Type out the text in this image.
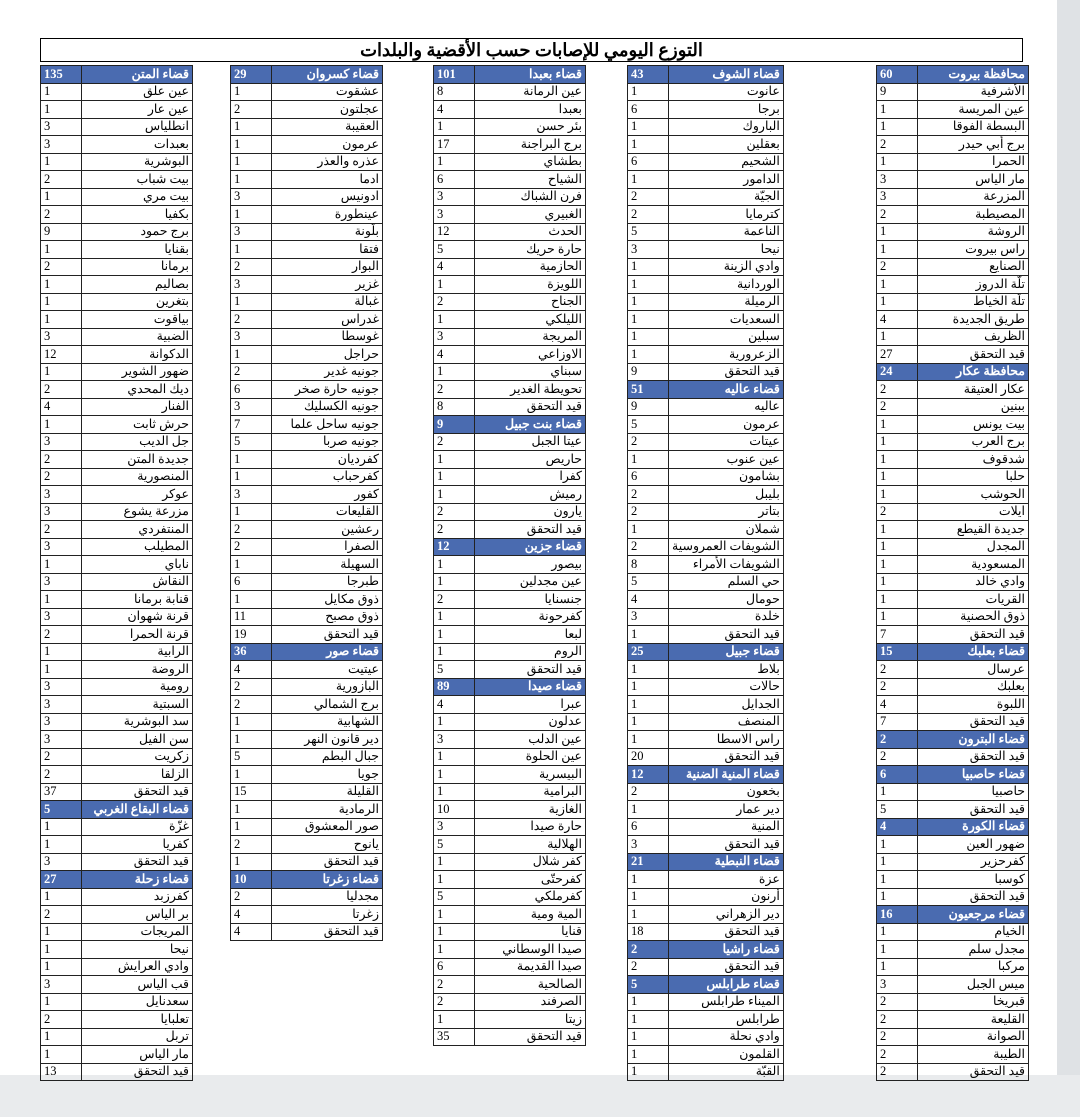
التوزع اليومي للإصابات حسب الأقضية والبلدات
60	محافظة بيروت
9	الأشرفية
1	عين المريسة
1	البسطة الفوقا
2	برج أبي حيدر
1	الحمرا
3	مار الياس
3	المزرعة
2	المصيطبة
1	الروشة
1	راس بيروت
2	الصنايع
1	تلّة الدروز
1	تلّة الخياط
4	طريق الجديدة
1	الظريف
27	قيد التحقق
24	محافظة عكار
2	عكار العتيقة
2	ببنين
1	بيت يونس
1	برج العرب
1	شدقوف
1	حلبا
1	الحوشب
2	ايلات
1	جديدة القيطع
1	المجدل
1	المسعودية
1	وادي خالد
1	القريات
1	ذوق الحصنية
7	قيد التحقق
15	قضاء بعلبك
2	عرسال
2	بعلبك
4	اللبوة
7	قيد التحقق
2	قضاء البترون
2	قيد التحقق
6	قضاء حاصبيا
1	حاصبيا
5	قيد التحقق
4	قضاء الكورة
1	ضهور العين
1	كفرحزير
1	كوسبا
1	قيد التحقق
16	قضاء مرجعيون
1	الخيام
1	مجدل سلم
1	مركبا
3	ميس الجبل
2	قبريخا
2	القليعة
2	الصوانة
2	الطيبة
2	قيد التحقق
43	قضاء الشوف
1	عانوت
6	برجا
1	الباروك
1	بعقلين
6	الشحيم
1	الدامور
2	الجيّة
2	كترمايا
5	الناعمة
3	نيحا
1	وادي الزينة
1	الوردانية
1	الرميلة
1	السعديات
1	سبلين
1	الزعرورية
9	قيد التحقق
51	قضاء عاليه
9	عاليه
5	عرمون
2	عيتات
1	عين عنوب
6	بشامون
2	بليبل
2	بتاتر
1	شملان
2	الشويفات العمروسية
8	الشويفات الأمراء
5	حي السلم
4	حومال
3	خلدة
1	قيد التحقق
25	قضاء جبيل
1	بلاط
1	حالات
1	الجدايل
1	المنصف
1	راس الاسطا
20	قيد التحقق
12	قضاء المنية الضنية
2	بخعون
1	دير عمار
6	المنية
3	قيد التحقق
21	قضاء النبطية
1	عزة
1	أرنون
1	دير الزهراني
18	قيد التحقق
2	قضاء راشيا
2	قيد التحقق
5	قضاء طرابلس
1	الميناء طرابلس
1	طرابلس
1	وادي نحلة
1	القلمون
1	القبّة
101	قضاء بعبدا
8	عين الرمانة
4	بعبدا
1	بئر حسن
17	برج البراجنة
1	بطشاي
6	الشياح
3	فرن الشباك
3	الغبيري
12	الحدث
5	حارة حريك
4	الحازمية
1	اللويزة
2	الجناح
1	الليلكي
3	المريجة
4	الاوزاعي
1	سبناي
2	تحويطة الغدير
8	قيد التحقق
9	قضاء بنت جبيل
2	عيتا الجبل
1	حاريص
1	كفرا
1	رميش
2	يارون
2	قيد التحقق
12	قضاء جزين
1	بيصور
1	عين مجدلين
2	جنسنايا
1	كفرحونة
1	لبعا
1	الروم
5	قيد التحقق
89	قضاء صيدا
4	عبرا
1	عدلون
3	عين الدلب
1	عين الحلوة
1	البيسرية
1	البرامية
10	الغازية
3	حارة صيدا
5	الهلالية
1	كفر شلال
1	كفرحتّى
5	كفرملكي
1	المية ومية
1	قنايا
1	صيدا الوسطاني
6	صيدا القديمة
2	الصالحية
2	الصرفند
1	زيتا
35	قيد التحقق
29	قضاء كسروان
1	عشقوت
2	عجلتون
1	العقيبة
1	عرمون
1	عذره والعذر
1	ادما
3	ادونيس
1	عينطورة
3	بلّونة
1	فتقا
2	البوار
3	غزير
1	غبالة
2	غدراس
3	غوسطا
1	حراجل
2	جونيه غدير
6	جونيه حارة صخر
3	جونيه الكسليك
7	جونيه ساحل علما
5	جونيه صربا
1	كفرديان
1	كفرحباب
3	كفور
1	القليعات
2	رعشين
2	الصفرا
1	السهيلة
6	طبرجا
1	ذوق مكايل
11	ذوق مصبح
19	قيد التحقق
36	قضاء صور
4	عيتيت
2	البازورية
2	برج الشمالي
1	الشهابية
1	دير قانون النهر
5	جبال البطم
1	جويا
15	القليلة
1	الرمادية
1	صور المعشوق
2	يانوح
1	قيد التحقق
10	قضاء زغرتا
2	مجدليا
4	زغرتا
4	قيد التحقق
135	قضاء المتن
1	عين علق
1	عين عار
3	انطلياس
3	بعبدات
1	البوشرية
2	بيت شباب
1	بيت مري
2	بكفيا
9	برج حمود
1	بقنايا
2	برمانا
1	بصاليم
1	بتغرين
1	بياقوت
3	الضبية
12	الدكوانة
1	ضهور الشوير
2	ديك المحدي
4	الفنار
1	حرش ثابت
3	جل الديب
2	جديدة المتن
2	المنصورية
3	عوكر
3	مزرعة يشوع
2	المنتفردي
3	المطيلب
1	ناباي
3	النقاش
1	قنابة برمانا
3	قرنة شهوان
2	قرنة الحمرا
1	الرابية
1	الروضة
3	رومية
3	السبتية
3	سد البوشرية
3	سن الفيل
2	زكريت
2	الزلقا
37	قيد التحقق
5	قضاء البقاع الغربي
1	غزّة
1	كفريا
3	قيد التحقق
27	قضاء زحلة
1	كفرزبد
2	بر الياس
1	المريجات
1	نيحا
1	وادي العرايش
3	قب الياس
1	سعدنايل
2	تعلبايا
1	تربل
1	مار الياس
13	قيد التحقق
